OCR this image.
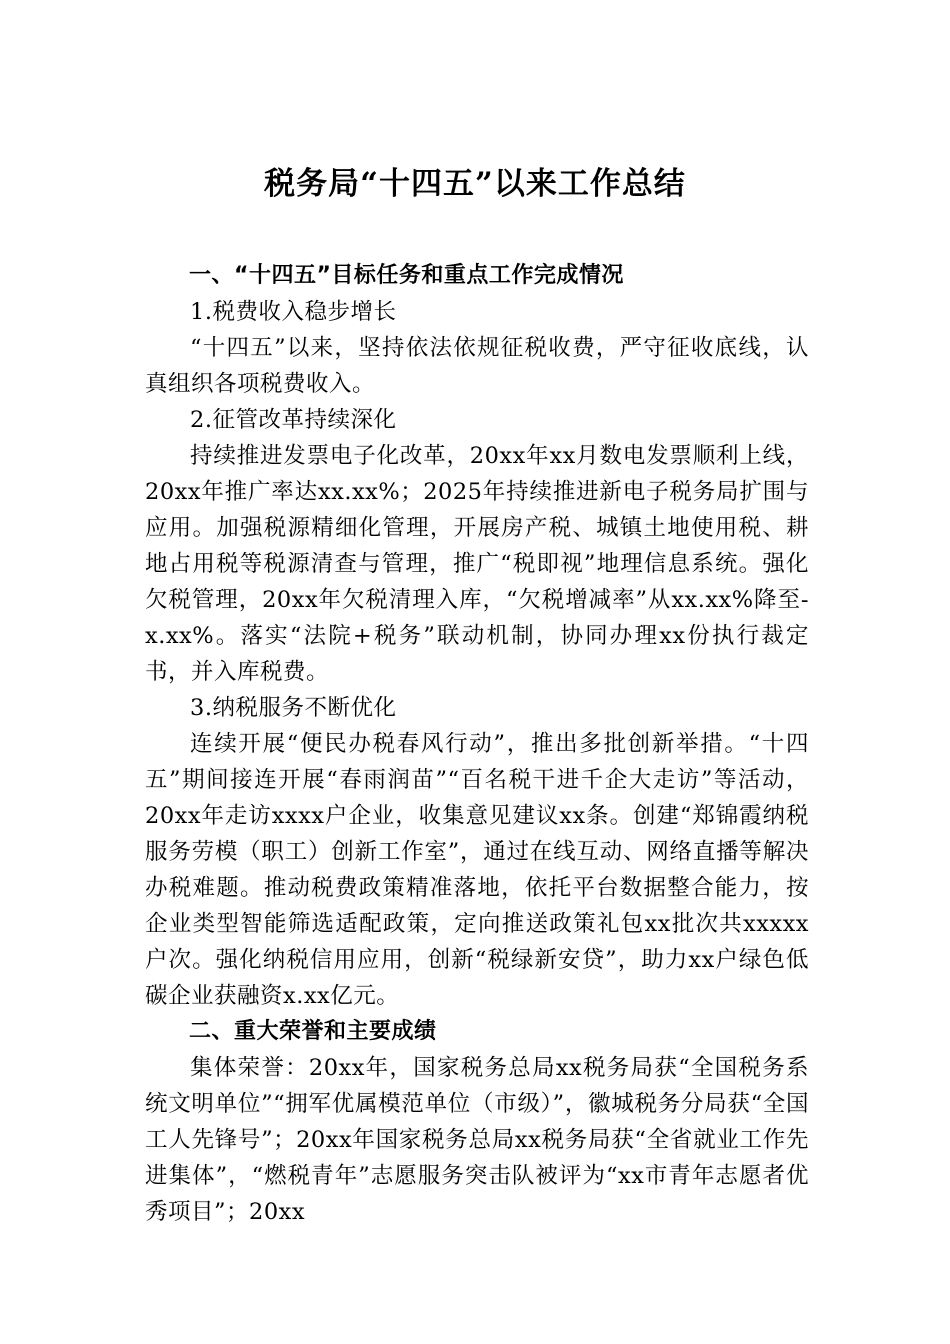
税务局“十四五”以来工作总结

一、“十四五”目标任务和重点工作完成情况

1.税费收入稳步增长

“十四五”以来，坚持依法依规征税收费，严守征收底线，认真组织各项税费收入。

2.征管改革持续深化

持续推进发票电子化改革，20xx年xx月数电发票顺利上线，20xx年推广率达xx.xx%；2025年持续推进新电子税务局扩围与应用。加强税源精细化管理，开展房产税、城镇土地使用税、耕地占用税等税源清查与管理，推广“税即视”地理信息系统。强化欠税管理，20xx年欠税清理入库，“欠税增减率”从xx.xx%降至-x.xx%。落实“法院+税务”联动机制，协同办理xx份执行裁定书，并入库税费。

3.纳税服务不断优化

连续开展“便民办税春风行动”，推出多批创新举措。“十四五”期间接连开展“春雨润苗”“百名税干进千企大走访”等活动，20xx年走访xxxx户企业，收集意见建议xx条。创建“郑锦霞纳税服务劳模（职工）创新工作室”，通过在线互动、网络直播等解决办税难题。推动税费政策精准落地，依托平台数据整合能力，按企业类型智能筛选适配政策，定向推送政策礼包xx批次共xxxxx户次。强化纳税信用应用，创新“税绿新安贷”，助力xx户绿色低碳企业获融资x.xx亿元。

二、重大荣誉和主要成绩

集体荣誉：20xx年，国家税务总局xx税务局获“全国税务系统文明单位”“拥军优属模范单位（市级）”，徽城税务分局获“全国工人先锋号”；20xx年国家税务总局xx税务局获“全省就业工作先进集体”，“燃税青年”志愿服务突击队被评为“xx市青年志愿者优秀项目”；20xx
